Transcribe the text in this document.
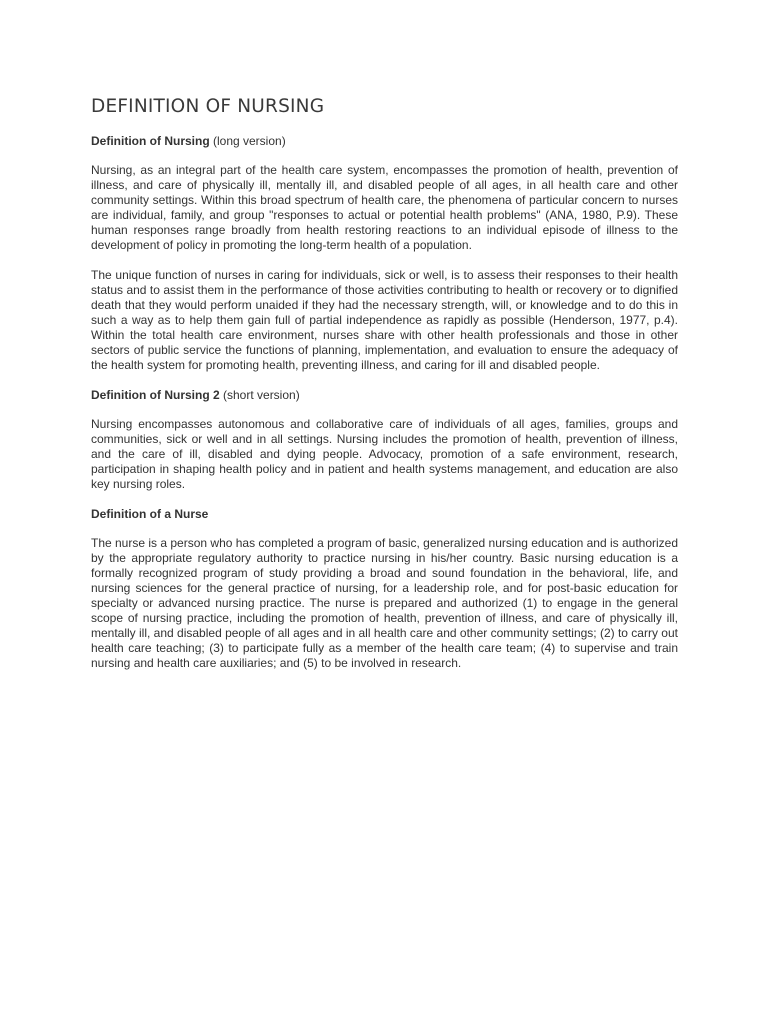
DEFINITION OF NURSING

Definition of Nursing (long version)

Nursing, as an integral part of the health care system, encompasses the promotion of health, prevention of illness, and care of physically ill, mentally ill, and disabled people of all ages, in all health care and other community settings. Within this broad spectrum of health care, the phenomena of particular concern to nurses are individual, family, and group "responses to actual or potential health problems" (ANA, 1980, P.9). These human responses range broadly from health restoring reactions to an individual episode of illness to the development of policy in promoting the long-term health of a population.

The unique function of nurses in caring for individuals, sick or well, is to assess their responses to their health status and to assist them in the performance of those activities contributing to health or recovery or to dignified death that they would perform unaided if they had the necessary strength, will, or knowledge and to do this in such a way as to help them gain full of partial independence as rapidly as possible (Henderson, 1977, p.4). Within the total health care environment, nurses share with other health professionals and those in other sectors of public service the functions of planning, implementation, and evaluation to ensure the adequacy of the health system for promoting health, preventing illness, and caring for ill and disabled people.

Definition of Nursing 2 (short version)

Nursing encompasses autonomous and collaborative care of individuals of all ages, families, groups and communities, sick or well and in all settings. Nursing includes the promotion of health, prevention of illness, and the care of ill, disabled and dying people. Advocacy, promotion of a safe environment, research, participation in shaping health policy and in patient and health systems management, and education are also key nursing roles.

Definition of a Nurse

The nurse is a person who has completed a program of basic, generalized nursing education and is authorized by the appropriate regulatory authority to practice nursing in his/her country. Basic nursing education is a formally recognized program of study providing a broad and sound foundation in the behavioral, life, and nursing sciences for the general practice of nursing, for a leadership role, and for post-basic education for specialty or advanced nursing practice. The nurse is prepared and authorized (1) to engage in the general scope of nursing practice, including the promotion of health, prevention of illness, and care of physically ill, mentally ill, and disabled people of all ages and in all health care and other community settings; (2) to carry out health care teaching; (3) to participate fully as a member of the health care team; (4) to supervise and train nursing and health care auxiliaries; and (5) to be involved in research.
